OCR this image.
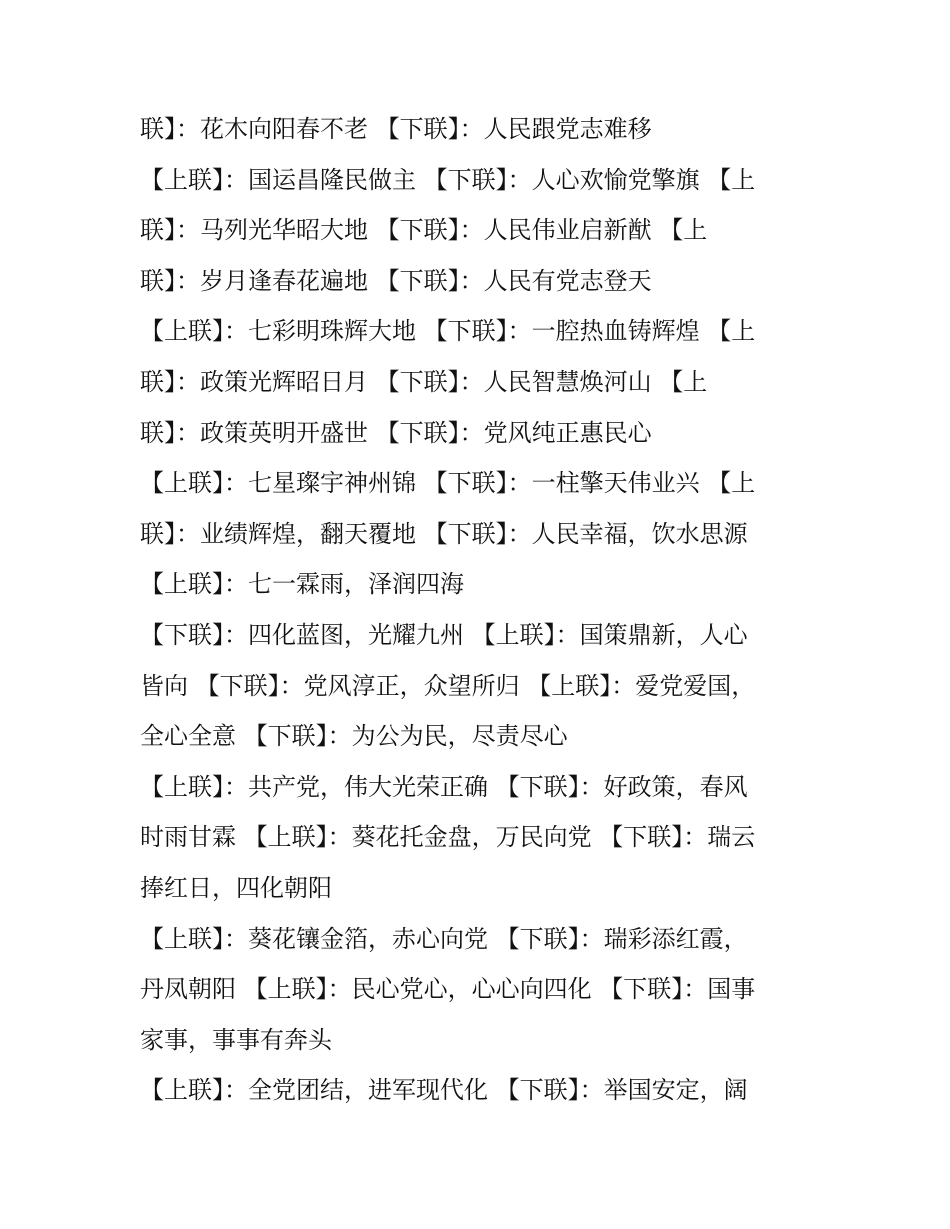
联】：花木向阳春不老 【下联】：人民跟党志难移
【上联】：国运昌隆民做主 【下联】：人心欢愉党擎旗 【上
联】：马列光华昭大地 【下联】：人民伟业启新猷 【上
联】：岁月逢春花遍地 【下联】：人民有党志登天
【上联】：七彩明珠辉大地 【下联】：一腔热血铸辉煌 【上
联】：政策光辉昭日月 【下联】：人民智慧焕河山 【上
联】：政策英明开盛世 【下联】：党风纯正惠民心
【上联】：七星璨宇神州锦 【下联】：一柱擎天伟业兴 【上
联】：业绩辉煌，翻天覆地 【下联】：人民幸福，饮水思源
【上联】：七一霖雨，泽润四海
【下联】：四化蓝图，光耀九州 【上联】：国策鼎新，人心
皆向 【下联】：党风淳正，众望所归 【上联】：爱党爱国，
全心全意 【下联】：为公为民，尽责尽心
【上联】：共产党，伟大光荣正确 【下联】：好政策，春风
时雨甘霖 【上联】：葵花托金盘，万民向党 【下联】：瑞云
捧红日，四化朝阳
【上联】：葵花镶金箔，赤心向党 【下联】：瑞彩添红霞，
丹凤朝阳 【上联】：民心党心，心心向四化 【下联】：国事
家事，事事有奔头
【上联】：全党团结，进军现代化 【下联】：举国安定，阔
